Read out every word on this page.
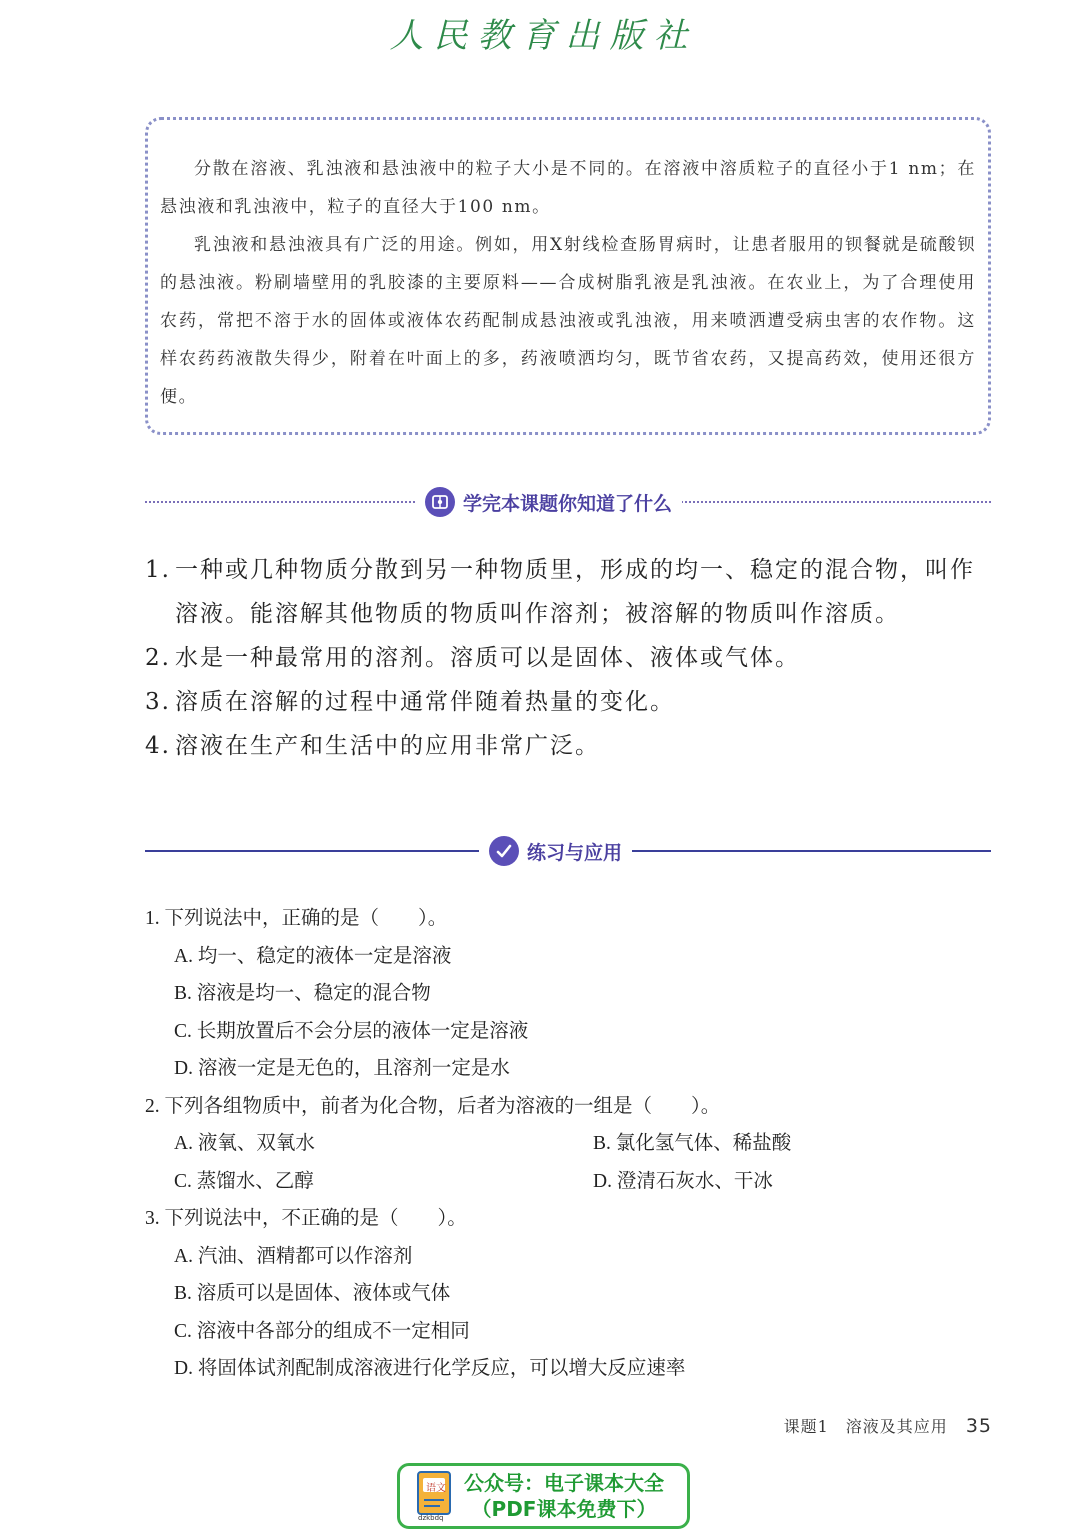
人民教育出版社

分散在溶液、乳浊液和悬浊液中的粒子大小是不同的。在溶液中溶质粒子的直径小于1 nm；在悬浊液和乳浊液中，粒子的直径大于100 nm。

乳浊液和悬浊液具有广泛的用途。例如，用X射线检查肠胃病时，让患者服用的钡餐就是硫酸钡的悬浊液。粉刷墙壁用的乳胶漆的主要原料——合成树脂乳液是乳浊液。在农业上，为了合理使用农药，常把不溶于水的固体或液体农药配制成悬浊液或乳浊液，用来喷洒遭受病虫害的农作物。这样农药药液散失得少，附着在叶面上的多，药液喷洒均匀，既节省农药，又提高药效，使用还很方便。

学完本课题你知道了什么
1. 一种或几种物质分散到另一种物质里，形成的均一、稳定的混合物，叫作溶液。能溶解其他物质的物质叫作溶剂；被溶解的物质叫作溶质。
2. 水是一种最常用的溶剂。溶质可以是固体、液体或气体。
3. 溶质在溶解的过程中通常伴随着热量的变化。
4. 溶液在生产和生活中的应用非常广泛。
练习与应用
1. 下列说法中，正确的是（　　）。
A. 均一、稳定的液体一定是溶液
B. 溶液是均一、稳定的混合物
C. 长期放置后不会分层的液体一定是溶液
D. 溶液一定是无色的，且溶剂一定是水
2. 下列各组物质中，前者为化合物，后者为溶液的一组是（　　）。
A. 液氧、双氧水	B. 氯化氢气体、稀盐酸
C. 蒸馏水、乙醇	D. 澄清石灰水、干冰
3. 下列说法中，不正确的是（　　）。
A. 汽油、酒精都可以作溶剂
B. 溶质可以是固体、液体或气体
C. 溶液中各部分的组成不一定相同
D. 将固体试剂配制成溶液进行化学反应，可以增大反应速率
课题1　溶液及其应用 35
语文
dzkbdq
公众号：电子课本大全
（PDF课本免费下）
